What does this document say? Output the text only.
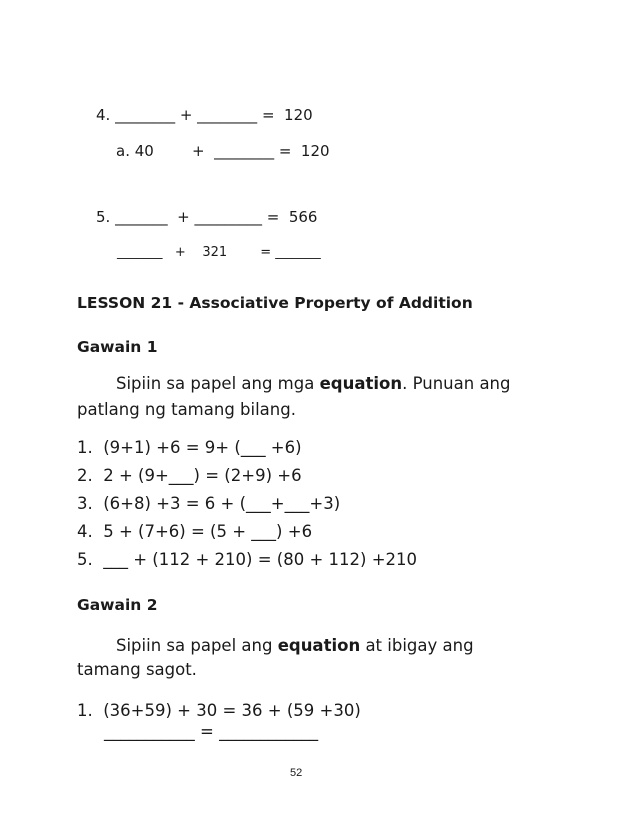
4. ________ + ________ =  120
a. 40        +  ________ =  120
5. _______  + _________ =  566
_______   +    321        = _______
LESSON 21 - Associative Property of Addition
Gawain 1
Sipiin sa papel ang mga equation. Punuan ang
patlang ng tamang bilang.
1.  (9+1) +6 = 9+ (___ +6)
2.  2 + (9+___) = (2+9) +6
3.  (6+8) +3 = 6 + (___+___+3)
4.  5 + (7+6) = (5 + ___) +6
5.  ___ + (112 + 210) = (80 + 112) +210
Gawain 2
Sipiin sa papel ang equation at ibigay ang
tamang sagot.
1.  (36+59) + 30 = 36 + (59 +30)
___________ = ____________
52
